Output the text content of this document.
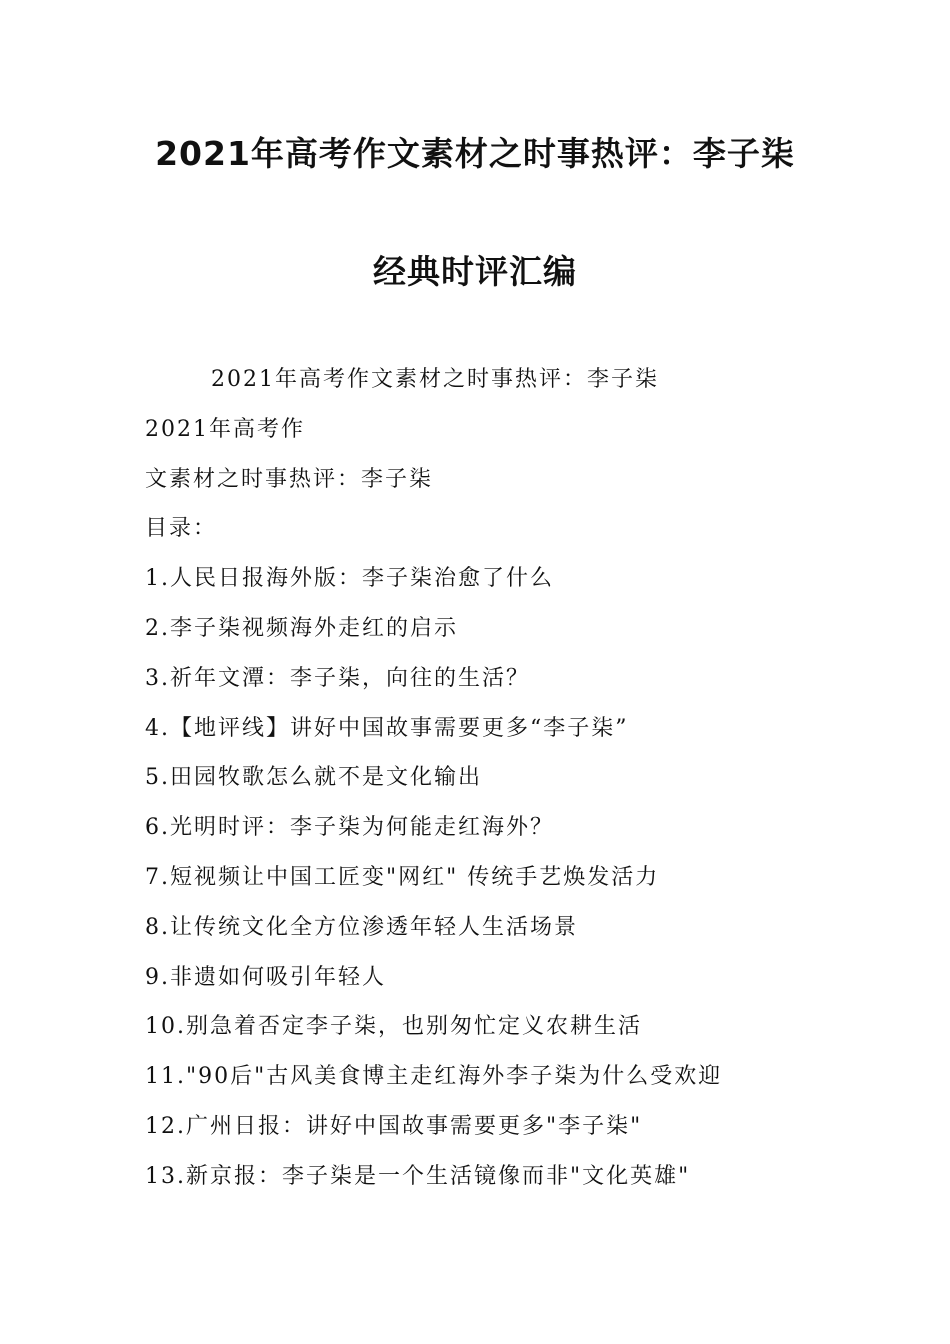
2021年高考作文素材之时事热评：李子柒
经典时评汇编
2021年高考作文素材之时事热评：李子柒
2021年高考作
文素材之时事热评：李子柒
目录：
1.人民日报海外版：李子柒治愈了什么
2.李子柒视频海外走红的启示
3.祈年文潭：李子柒，向往的生活？
4.【地评线】讲好中国故事需要更多“李子柒”
5.田园牧歌怎么就不是文化输出
6.光明时评：李子柒为何能走红海外？
7.短视频让中国工匠变"网红" 传统手艺焕发活力
8.让传统文化全方位渗透年轻人生活场景
9.非遗如何吸引年轻人
10.别急着否定李子柒，也别匆忙定义农耕生活
11."90后"古风美食博主走红海外李子柒为什么受欢迎
12.广州日报：讲好中国故事需要更多"李子柒"
13.新京报：李子柒是一个生活镜像而非"文化英雄"
